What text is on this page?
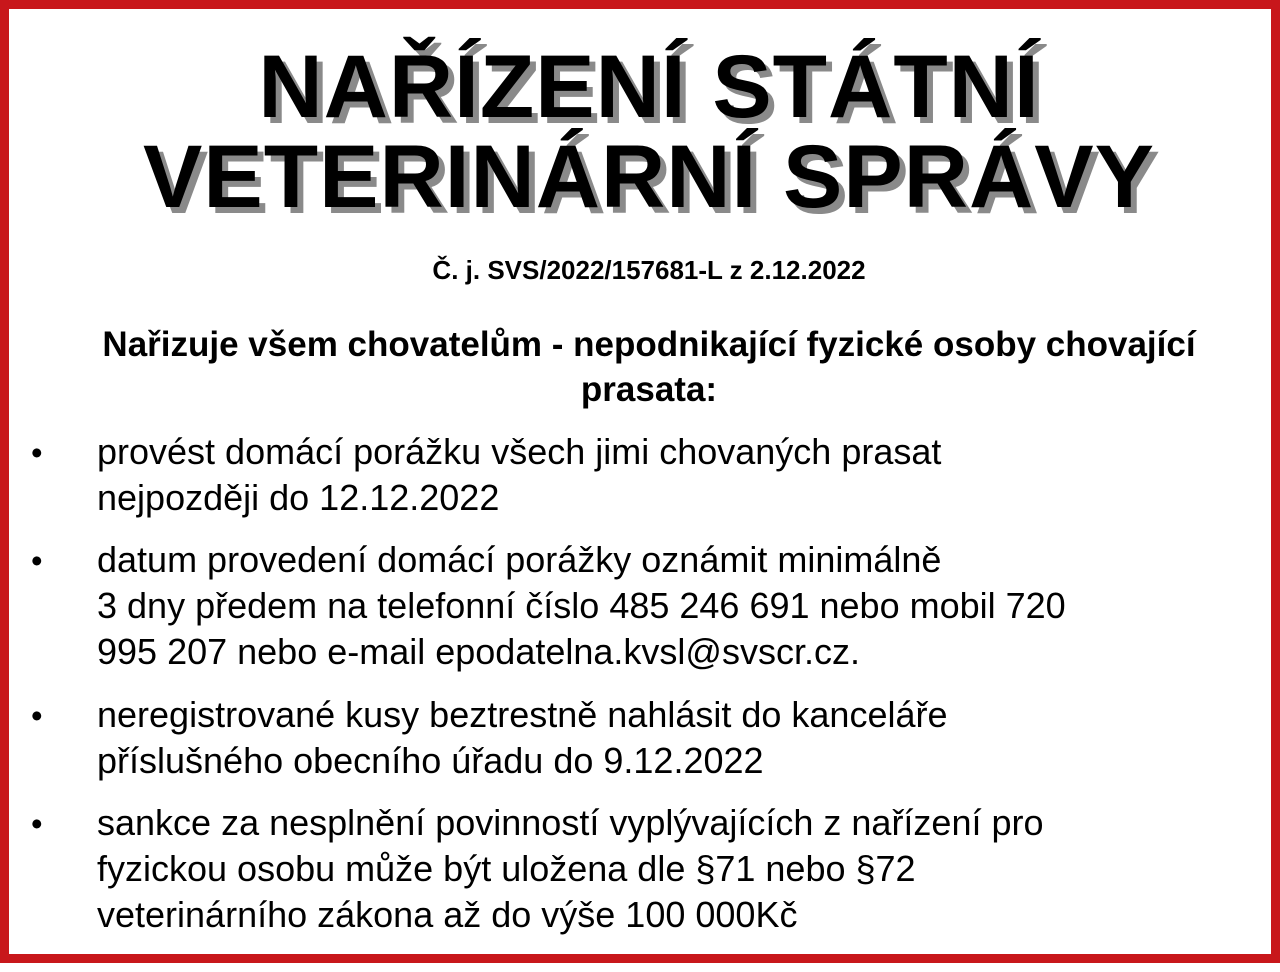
NAŘÍZENÍ STÁTNÍ
VETERINÁRNÍ SPRÁVY

Č. j. SVS/2022/157681-L z 2.12.2022

Nařizuje všem chovatelům - nepodnikající fyzické osoby chovající prasata:

• provést domácí porážku všech jimi chovaných prasat
nejpozději do 12.12.2022
• datum provedení domácí porážky oznámit minimálně
3 dny předem na telefonní číslo 485 246 691 nebo mobil 720
995 207 nebo e-mail epodatelna.kvsl@svscr.cz.
• neregistrované kusy beztrestně nahlásit do kanceláře
příslušného obecního úřadu do 9.12.2022
• sankce za nesplnění povinností vyplývajících z nařízení pro
fyzickou osobu může být uložena dle §71 nebo §72
veterinárního zákona až do výše 100 000Kč
